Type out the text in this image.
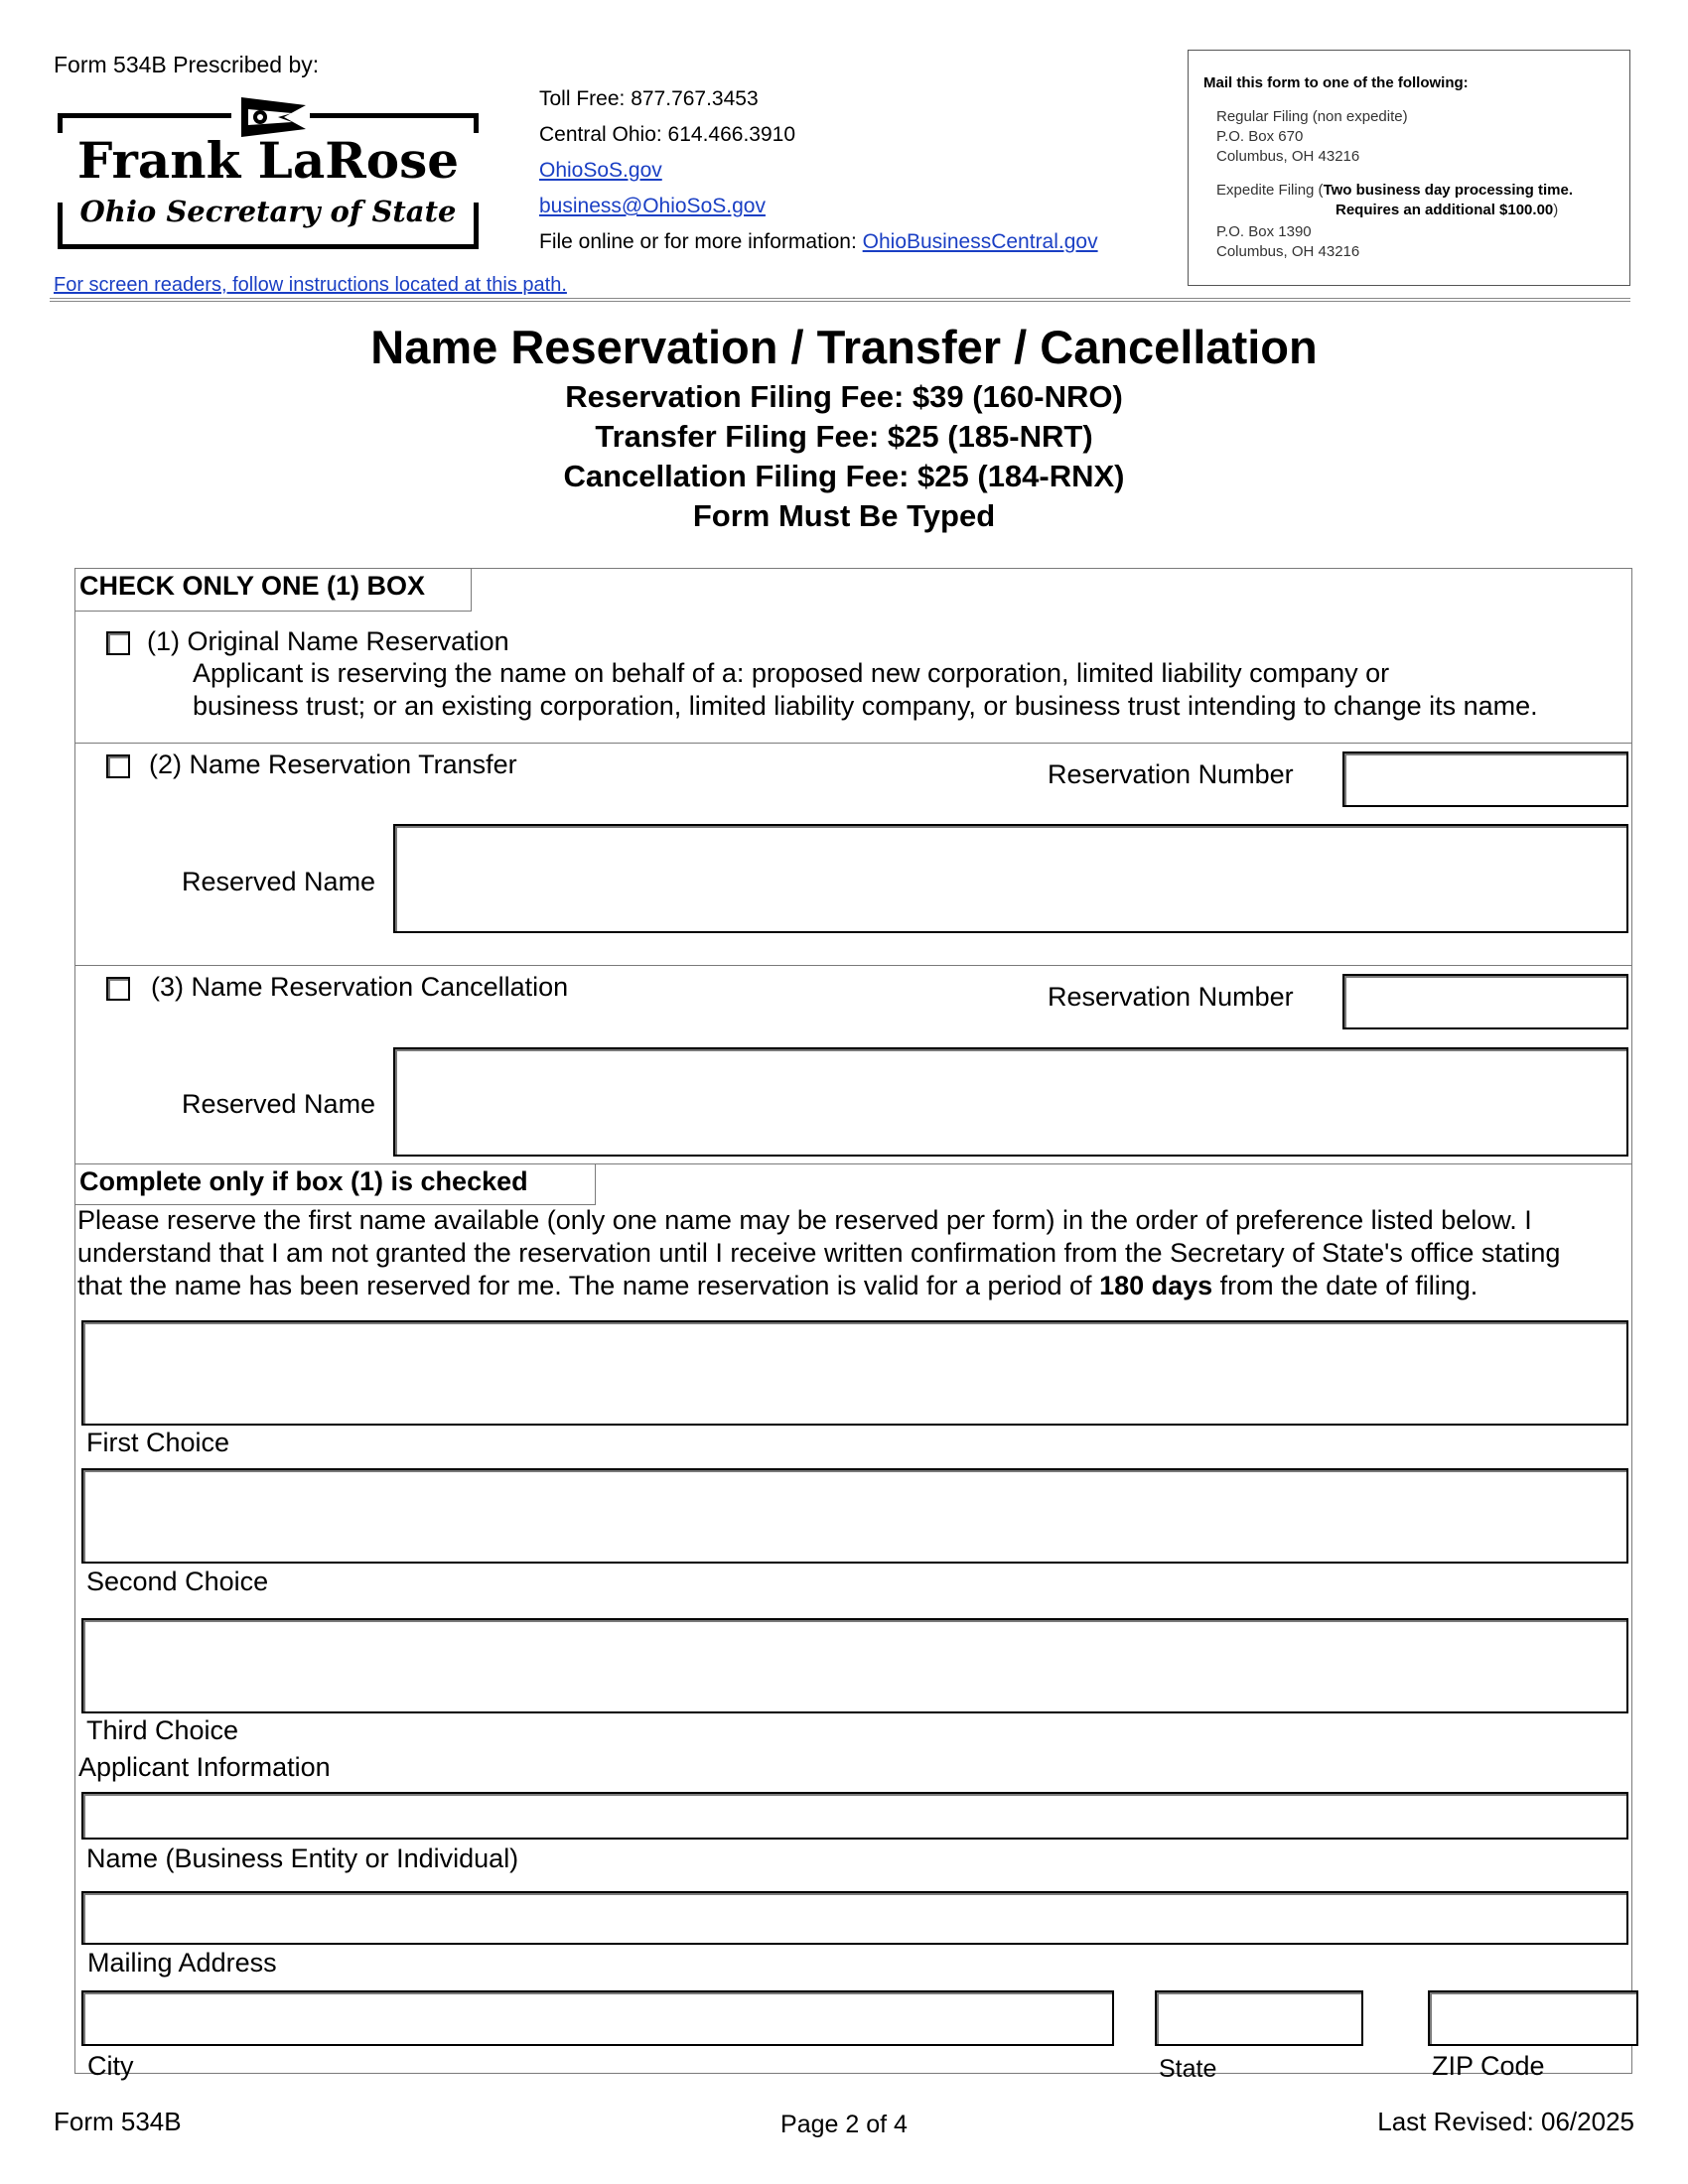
Form 534B Prescribed by:
Frank LaRose
Ohio Secretary of State
Toll Free: 877.767.3453
Central Ohio: 614.466.3910
OhioSoS.gov
business@OhioSoS.gov
File online or for more information: OhioBusinessCentral.gov
For screen readers, follow instructions located at this path.
Mail this form to one of the following:
Regular Filing (non expedite)
P.O. Box 670
Columbus, OH 43216
Expedite Filing (Two business day processing time.
Requires an additional $100.00)
P.O. Box 1390
Columbus, OH 43216
Name Reservation / Transfer / Cancellation
Reservation Filing Fee: $39 (160-NRO)
Transfer Filing Fee: $25 (185-NRT)
Cancellation Filing Fee: $25 (184-RNX)
Form Must Be Typed
CHECK ONLY ONE (1) BOX
(1) Original Name Reservation
Applicant is reserving the name on behalf of a: proposed new corporation, limited liability company or
business trust; or an existing corporation, limited liability company, or business trust intending to change its name.
(2) Name Reservation Transfer	Reservation Number
Reserved Name
(3) Name Reservation Cancellation	Reservation Number
Reserved Name
Complete only if box (1) is checked
Please reserve the first name available (only one name may be reserved per form) in the order of preference listed below. I
understand that I am not granted the reservation until I receive written confirmation from the Secretary of State's office stating
that the name has been reserved for me. The name reservation is valid for a period of 180 days from the date of filing.
First Choice
Second Choice
Third Choice
Applicant Information
Name (Business Entity or Individual)
Mailing Address
City	State	ZIP Code
Form 534B	Page 2 of 4	Last Revised: 06/2025
